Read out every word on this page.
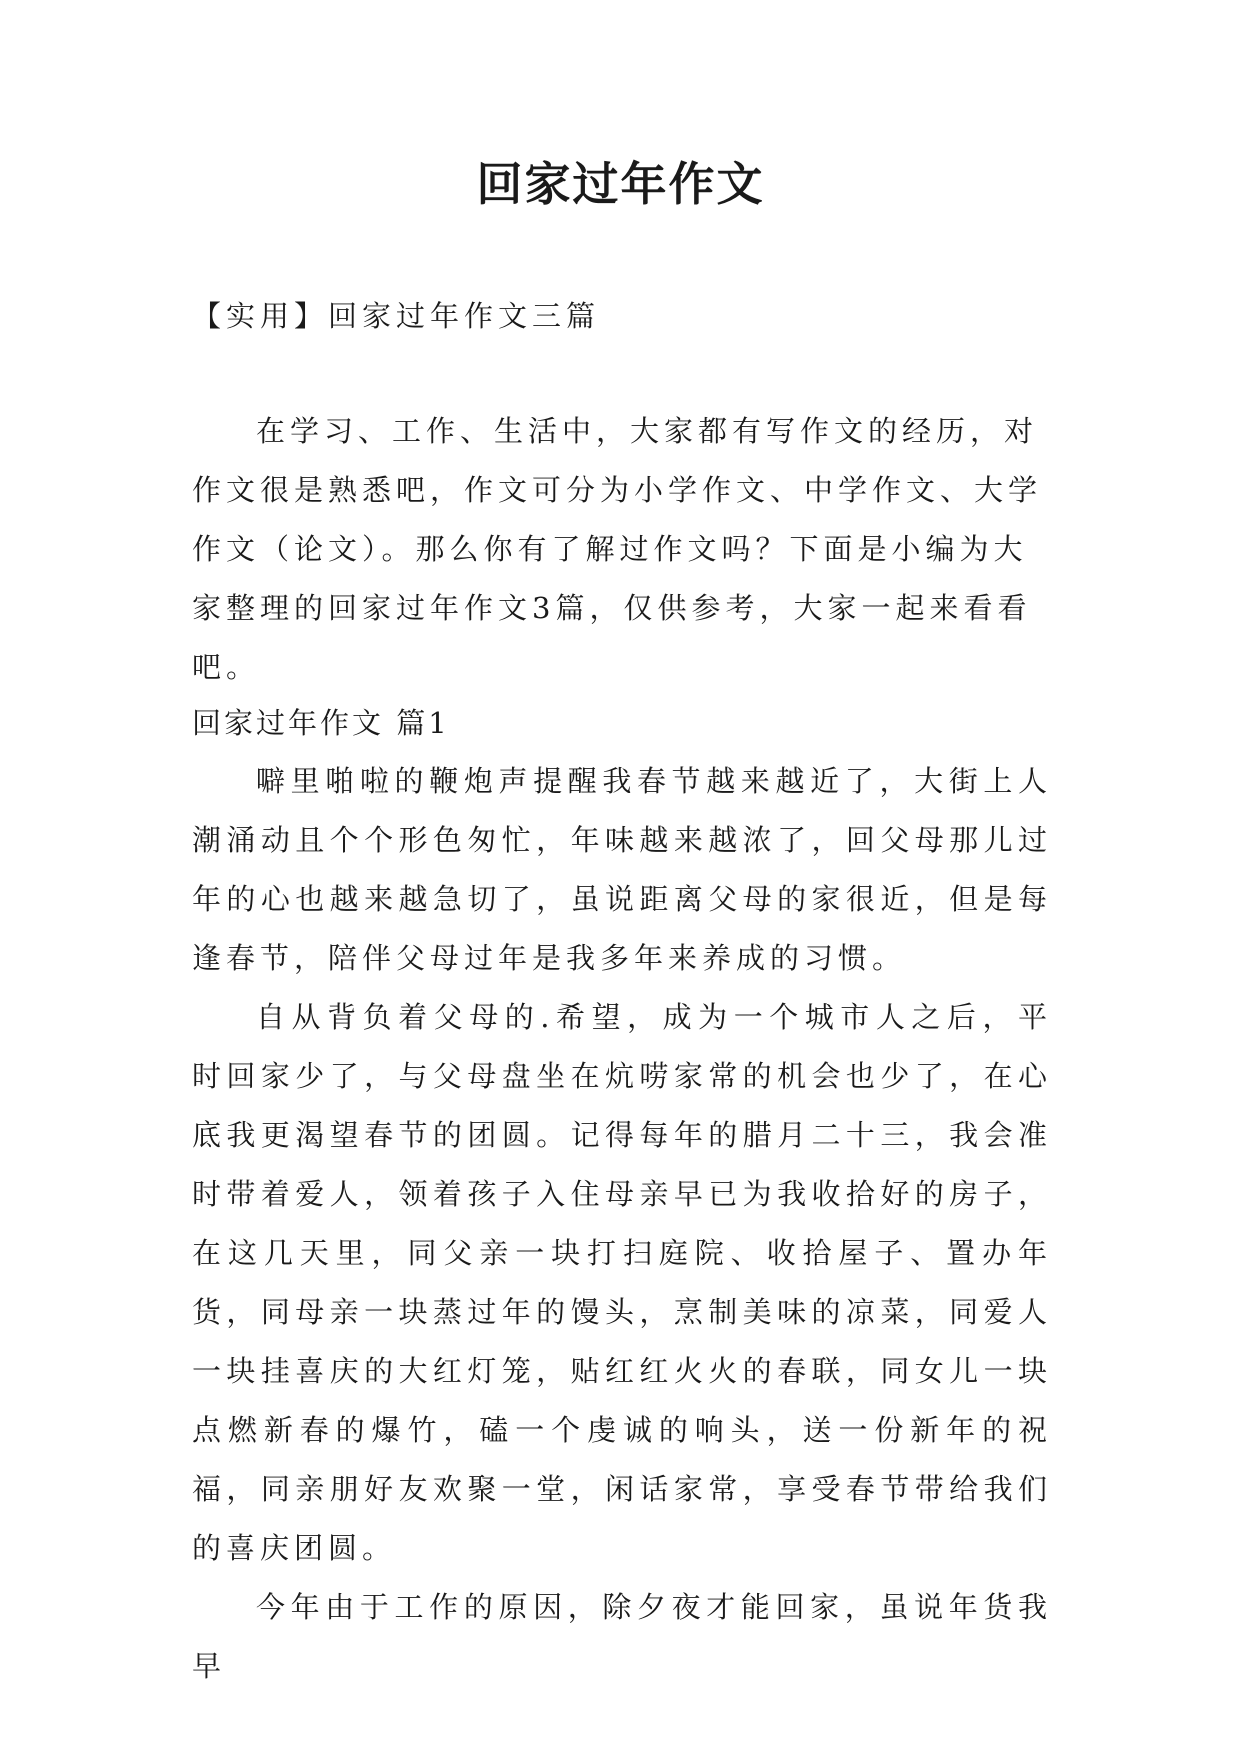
回家过年作文
【实用】回家过年作文三篇

在学习、工作、生活中，大家都有写作文的经历，对作文很是熟悉吧，作文可分为小学作文、中学作文、大学作文（论文）。那么你有了解过作文吗？下面是小编为大家整理的回家过年作文3篇，仅供参考，大家一起来看看吧。

回家过年作文 篇1

噼里啪啦的鞭炮声提醒我春节越来越近了，大街上人潮涌动且个个形色匆忙，年味越来越浓了，回父母那儿过年的心也越来越急切了，虽说距离父母的家很近，但是每逢春节，陪伴父母过年是我多年来养成的习惯。

自从背负着父母的.希望，成为一个城市人之后，平时回家少了，与父母盘坐在炕唠家常的机会也少了，在心底我更渴望春节的团圆。记得每年的腊月二十三，我会准时带着爱人，领着孩子入住母亲早已为我收拾好的房子，在这几天里，同父亲一块打扫庭院、收拾屋子、置办年货，同母亲一块蒸过年的馒头，烹制美味的凉菜，同爱人一块挂喜庆的大红灯笼，贴红红火火的春联，同女儿一块点燃新春的爆竹，磕一个虔诚的响头，送一份新年的祝福，同亲朋好友欢聚一堂，闲话家常，享受春节带给我们的喜庆团圆。

今年由于工作的原因，除夕夜才能回家，虽说年货我早
